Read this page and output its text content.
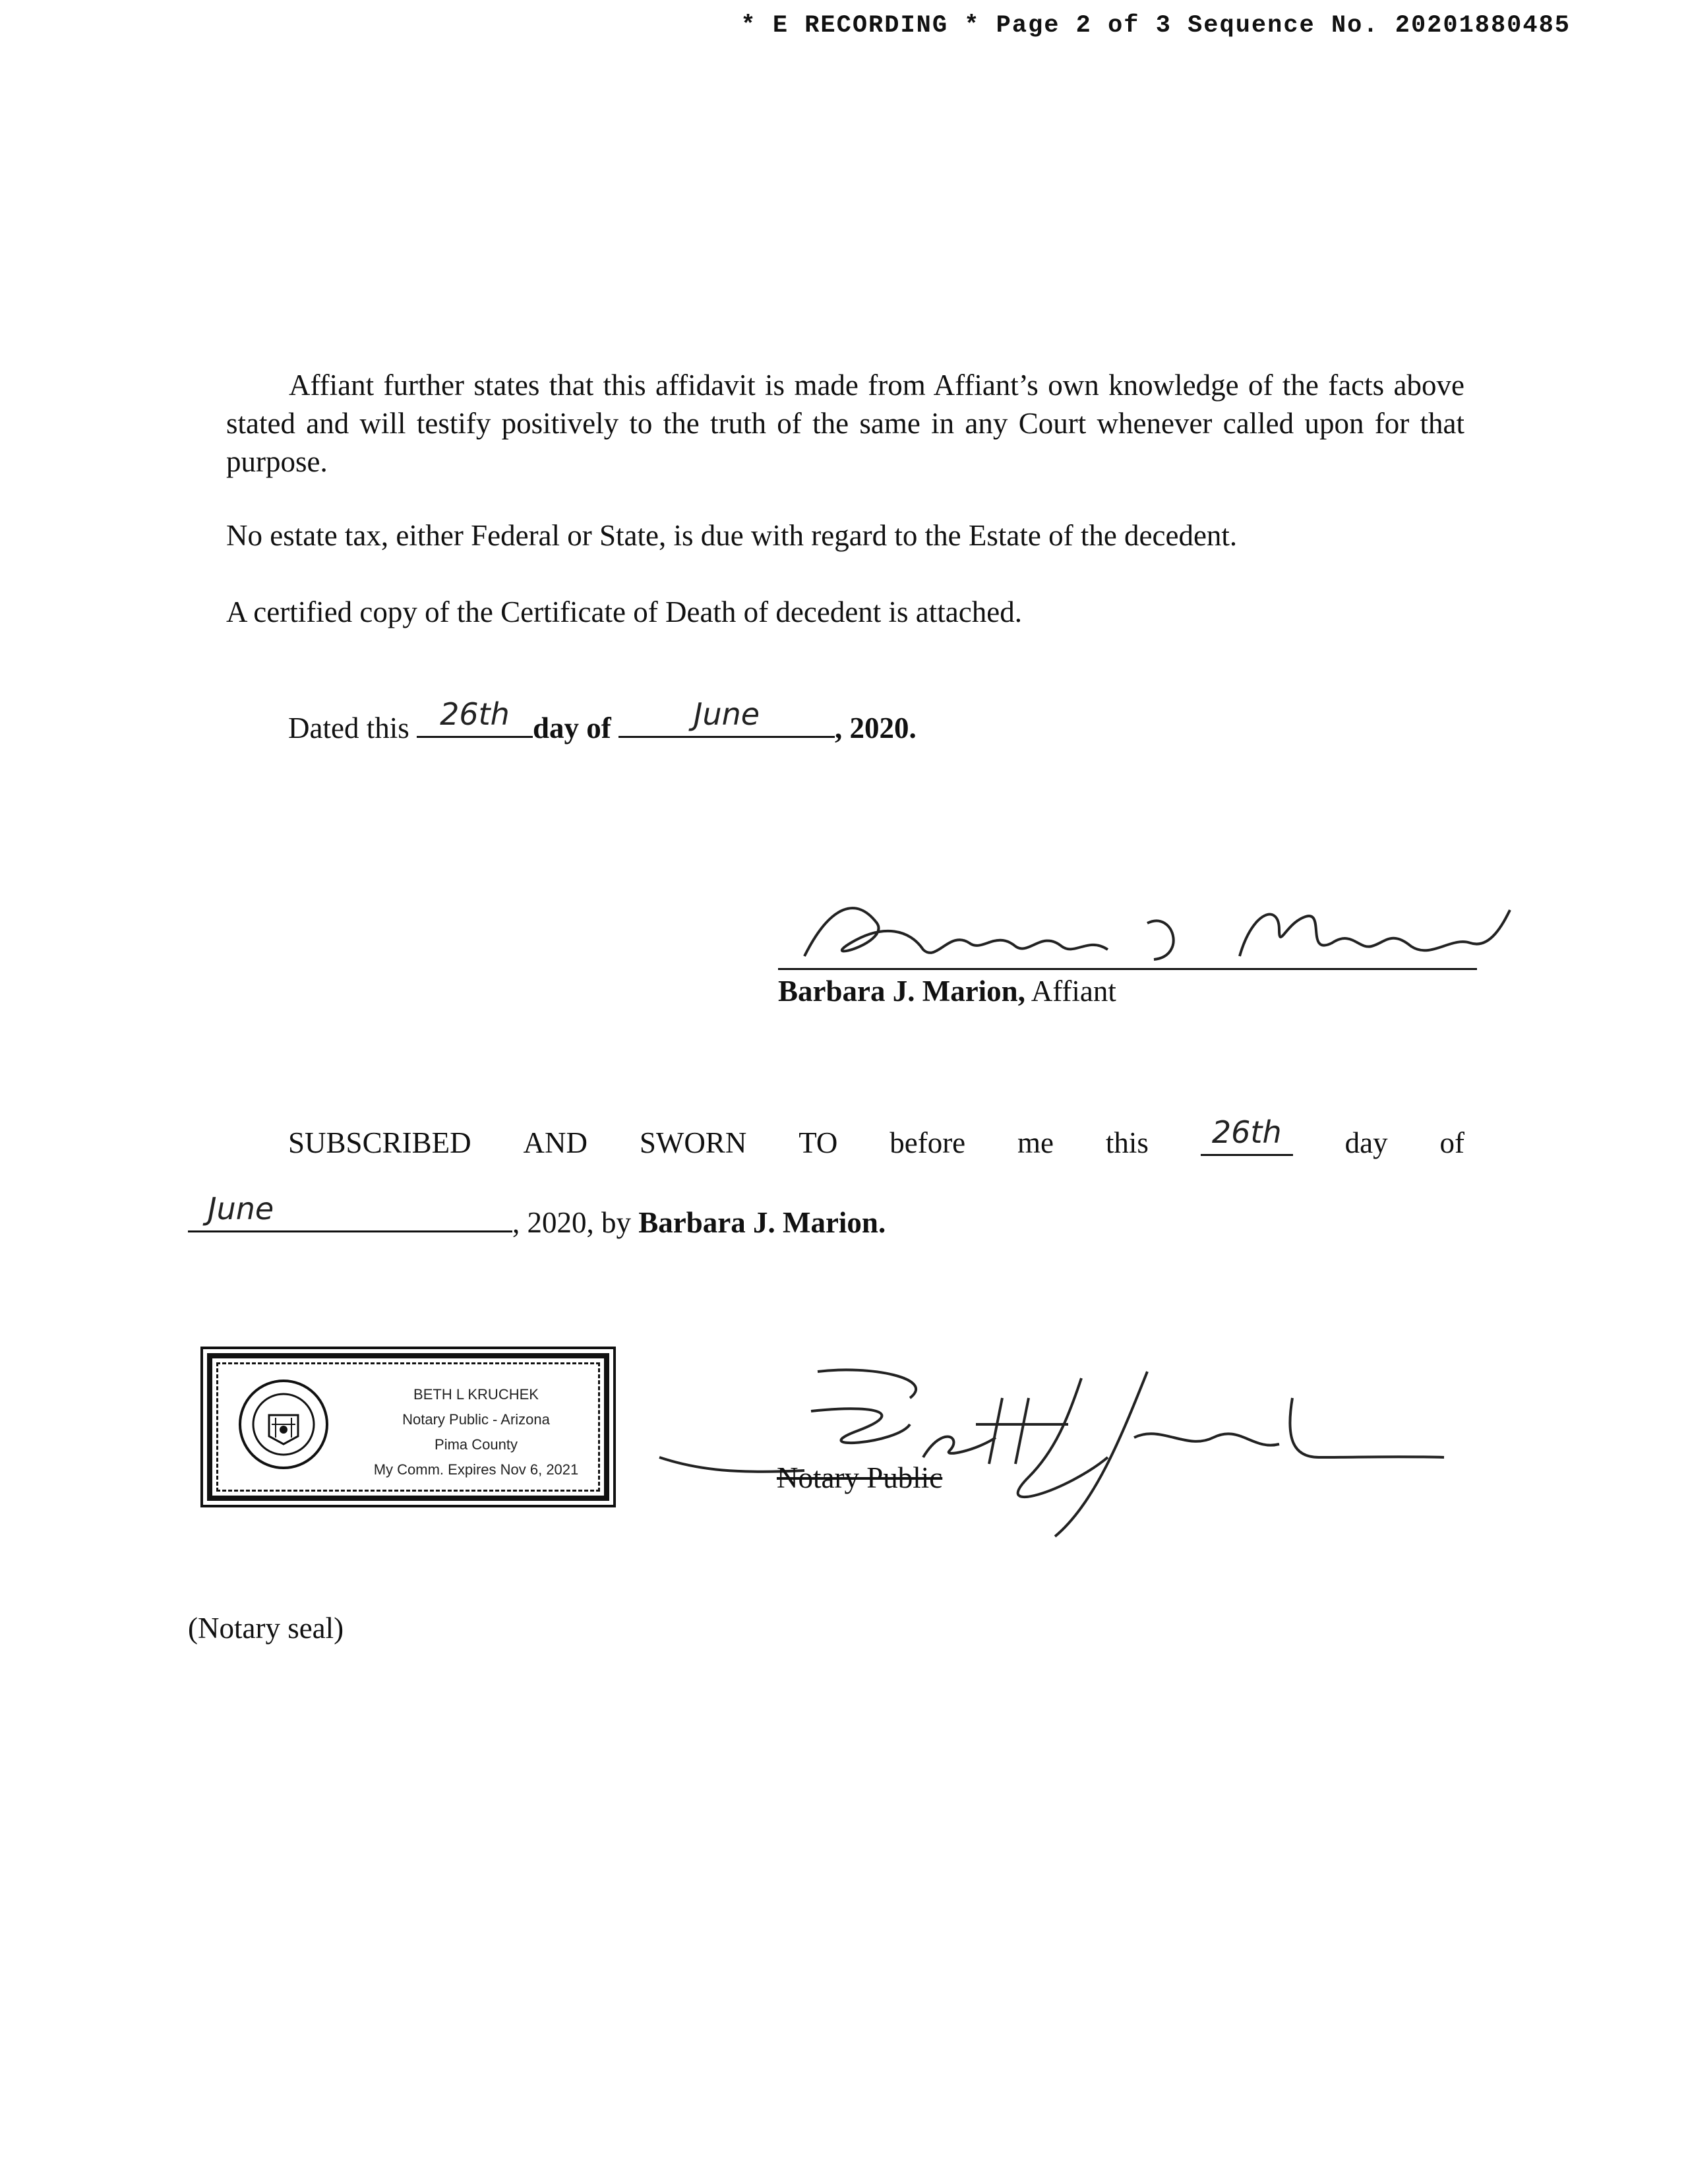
* E RECORDING * Page 2 of 3 Sequence No. 20201880485
Affiant further states that this affidavit is made from Affiant’s own knowledge of the facts above stated and will testify positively to the truth of the same in any Court whenever called upon for that purpose.
No estate tax, either Federal or State, is due with regard to the Estate of the decedent.
A certified copy of the Certificate of Death of decedent is attached.
Dated this	26th day of	June	, 2020.
Barbara J. Marion, Affiant
SUBSCRIBED AND SWORN TO before me this	26th	day of
June	, 2020, by Barbara J. Marion.
BETH L KRUCHEK
Notary Public - Arizona
Pima County
My Comm. Expires Nov 6, 2021	Notary Public
(Notary seal)
